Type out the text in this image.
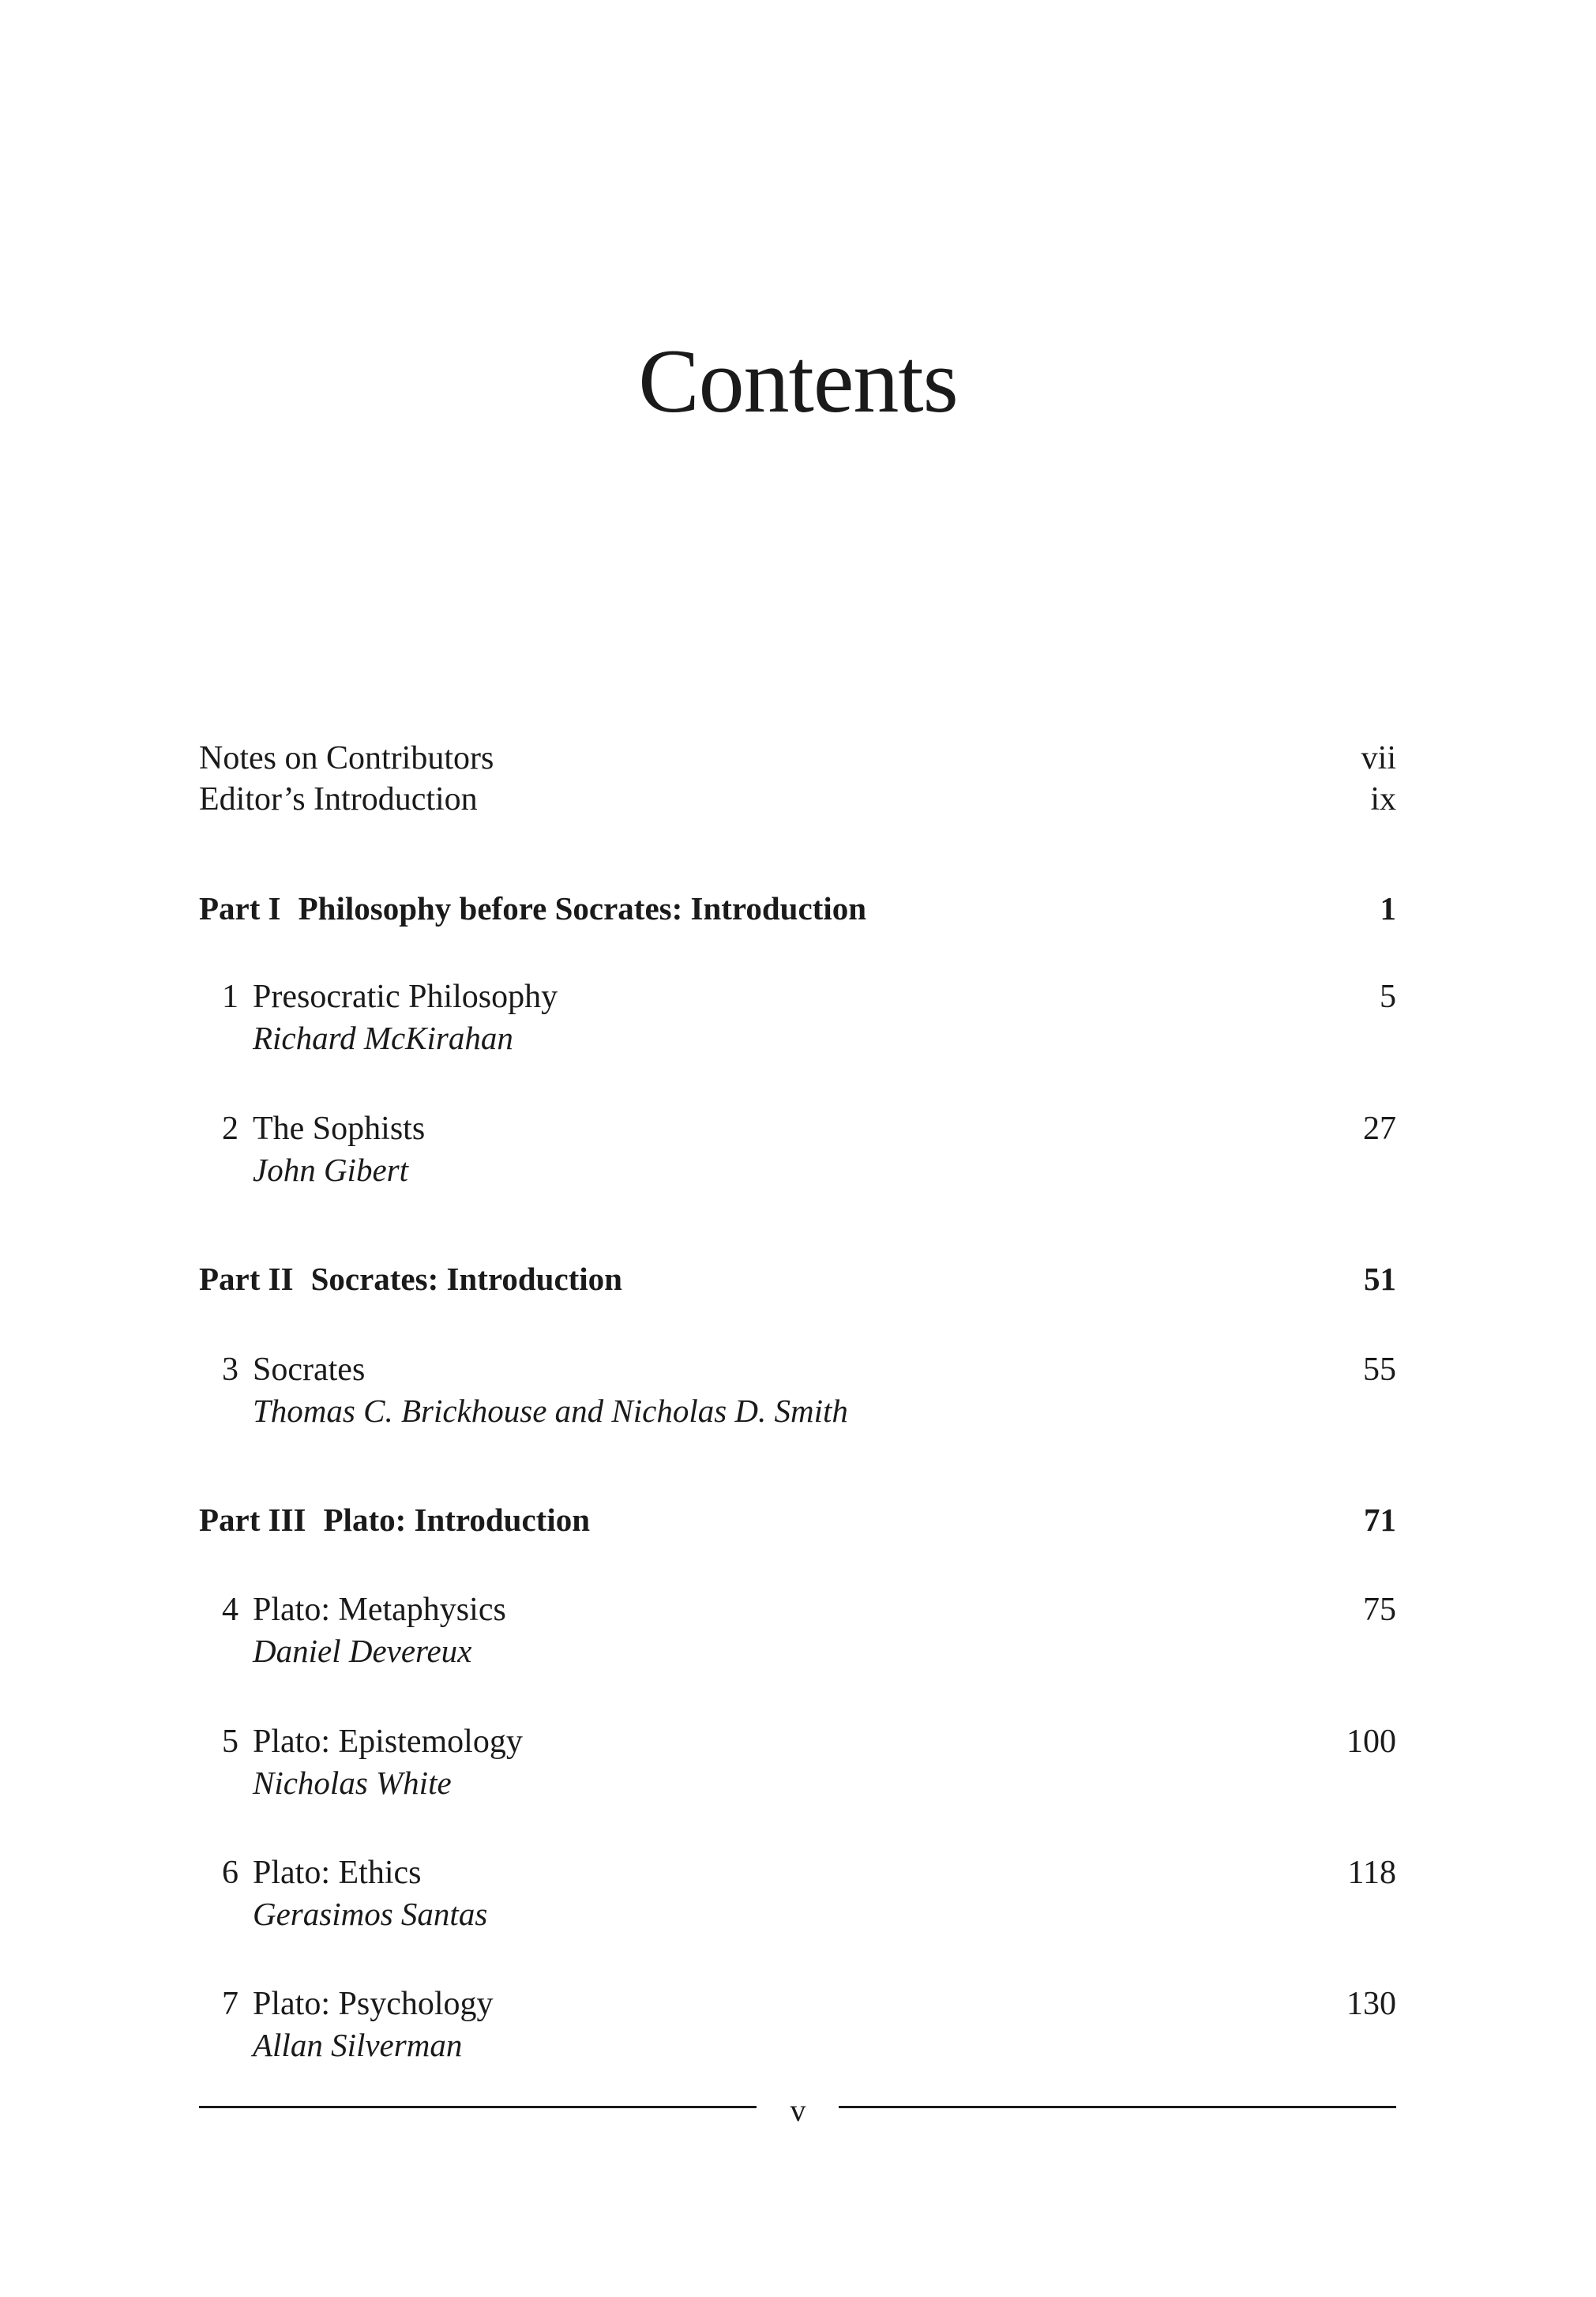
Contents
Notes on Contributors	vii
Editor’s Introduction	ix
Part I Philosophy before Socrates: Introduction	1
1 Presocratic Philosophy	5
Richard McKirahan
2 The Sophists	27
John Gibert
Part II Socrates: Introduction	51
3 Socrates	55
Thomas C. Brickhouse and Nicholas D. Smith
Part III Plato: Introduction	71
4 Plato: Metaphysics	75
Daniel Devereux
5 Plato: Epistemology	100
Nicholas White
6 Plato: Ethics	118
Gerasimos Santas
7 Plato: Psychology	130
Allan Silverman
v
